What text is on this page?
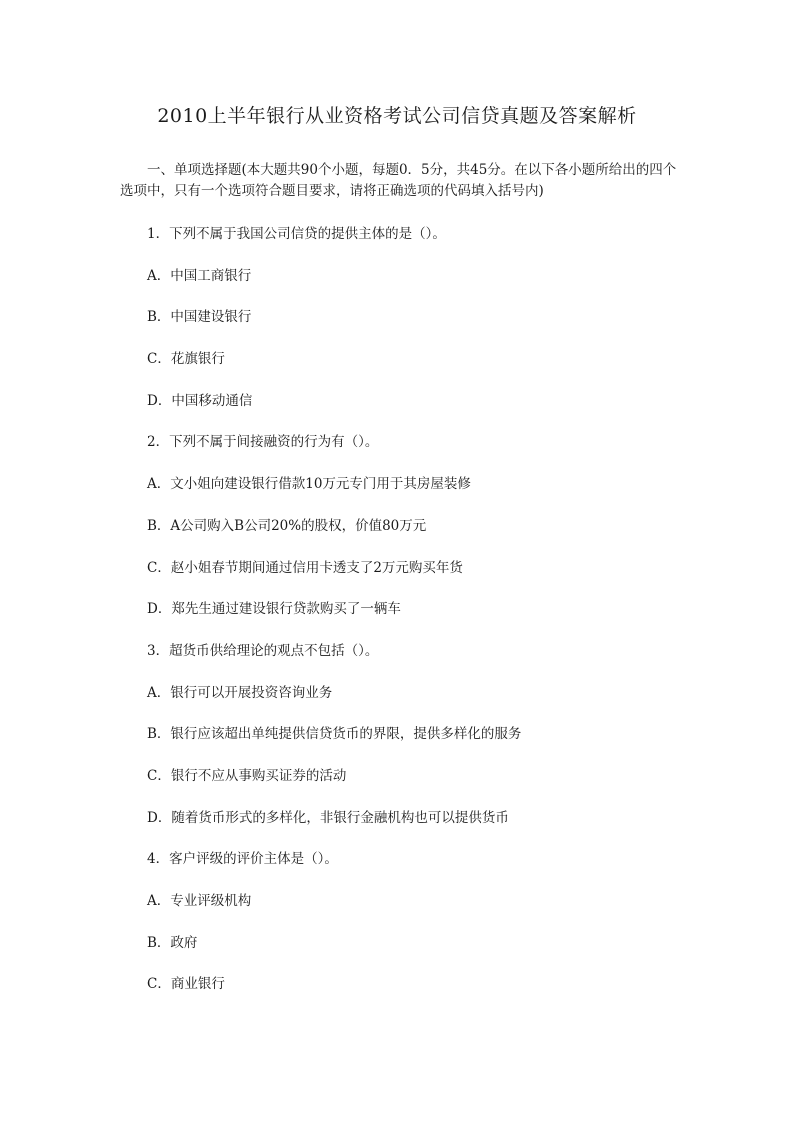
2010上半年银行从业资格考试公司信贷真题及答案解析

一、单项选择题(本大题共90个小题，每题0．5分，共45分。在以下各小题所给出的四个选项中，只有一个选项符合题目要求，请将正确选项的代码填入括号内)

1．下列不属于我国公司信贷的提供主体的是（）。
A．中国工商银行
B．中国建设银行
C．花旗银行
D．中国移动通信
2．下列不属于间接融资的行为有（）。
A．文小姐向建设银行借款10万元专门用于其房屋装修
B．A公司购入B公司20%的股权，价值80万元
C．赵小姐春节期间通过信用卡透支了2万元购买年货
D．郑先生通过建设银行贷款购买了一辆车
3．超货币供给理论的观点不包括（）。
A．银行可以开展投资咨询业务
B．银行应该超出单纯提供信贷货币的界限，提供多样化的服务
C．银行不应从事购买证券的活动
D．随着货币形式的多样化，非银行金融机构也可以提供货币
4．客户评级的评价主体是（）。
A．专业评级机构
B．政府
C．商业银行
